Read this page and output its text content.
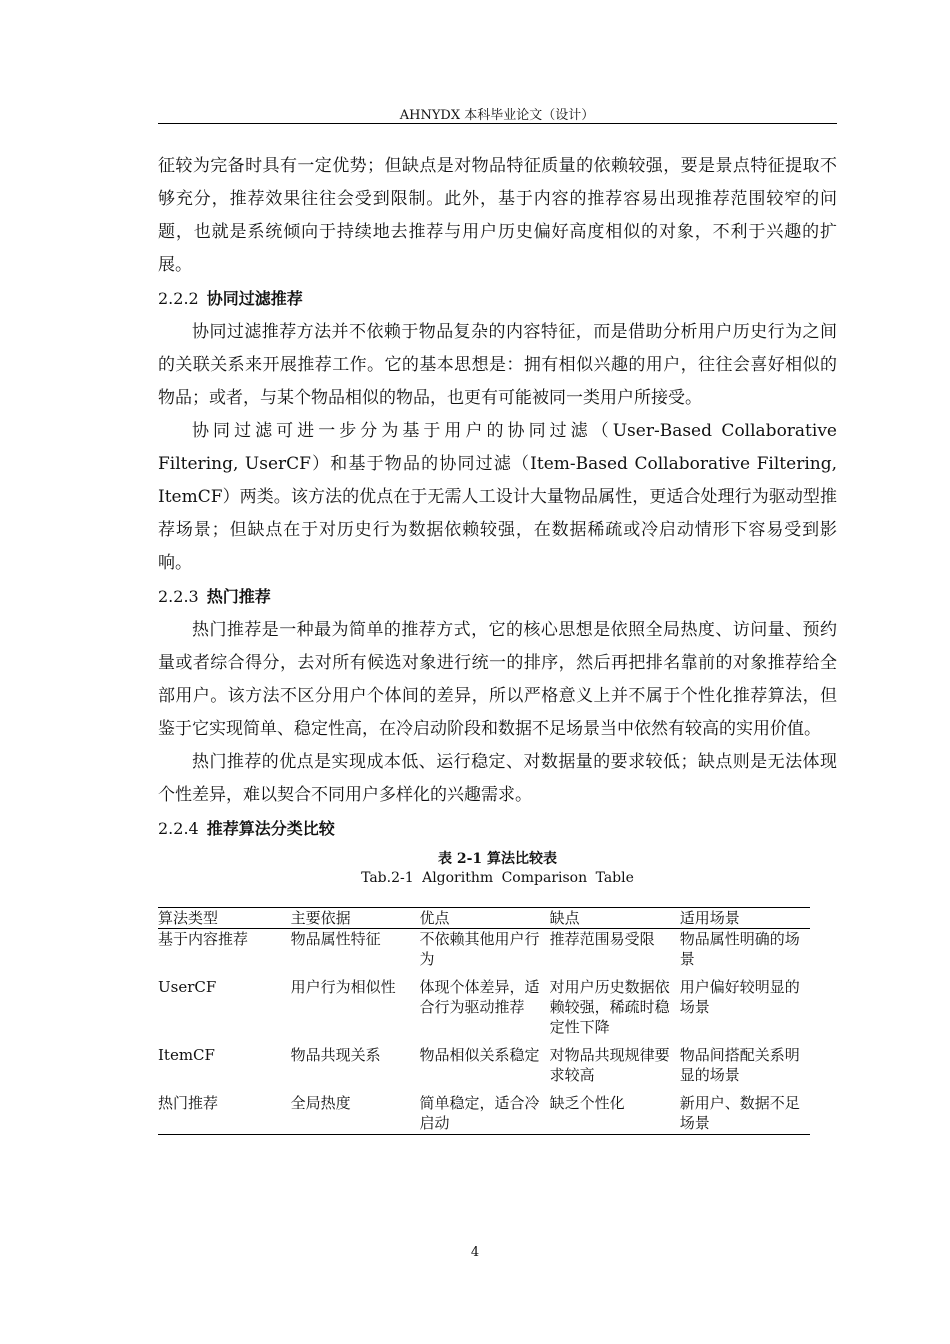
AHNYDX 本科毕业论文（设计）

征较为完备时具有一定优势；但缺点是对物品特征质量的依赖较强，要是景点特征提取不够充分，推荐效果往往会受到限制。此外，基于内容的推荐容易出现推荐范围较窄的问题，也就是系统倾向于持续地去推荐与用户历史偏好高度相似的对象，不利于兴趣的扩展。

2.2.2 协同过滤推荐

协同过滤推荐方法并不依赖于物品复杂的内容特征，而是借助分析用户历史行为之间的关联关系来开展推荐工作。它的基本思想是：拥有相似兴趣的用户，往往会喜好相似的物品；或者，与某个物品相似的物品，也更有可能被同一类用户所接受。

协同过滤可进一步分为基于用户的协同过滤（User-Based Collaborative Filtering, UserCF）和基于物品的协同过滤（Item-Based Collaborative Filtering, ItemCF）两类。该方法的优点在于无需人工设计大量物品属性，更适合处理行为驱动型推荐场景；但缺点在于对历史行为数据依赖较强，在数据稀疏或冷启动情形下容易受到影响。

2.2.3 热门推荐

热门推荐是一种最为简单的推荐方式，它的核心思想是依照全局热度、访问量、预约量或者综合得分，去对所有候选对象进行统一的排序，然后再把排名靠前的对象推荐给全部用户。该方法不区分用户个体间的差异，所以严格意义上并不属于个性化推荐算法，但鉴于它实现简单、稳定性高，在冷启动阶段和数据不足场景当中依然有较高的实用价值。

热门推荐的优点是实现成本低、运行稳定、对数据量的要求较低；缺点则是无法体现个性差异，难以契合不同用户多样化的兴趣需求。

2.2.4 推荐算法分类比较
表 2-1 算法比较表
Tab.2-1 Algorithm Comparison Table
算法类型	主要依据	优点	缺点	适用场景
基于内容推荐	物品属性特征	不依赖其他用户行为	推荐范围易受限	物品属性明确的场景
UserCF	用户行为相似性	体现个体差异，适合行为驱动推荐	对用户历史数据依赖较强，稀疏时稳定性下降	用户偏好较明显的场景
ItemCF	物品共现关系	物品相似关系稳定	对物品共现规律要求较高	物品间搭配关系明显的场景
热门推荐	全局热度	简单稳定，适合冷启动	缺乏个性化	新用户、数据不足场景
4
